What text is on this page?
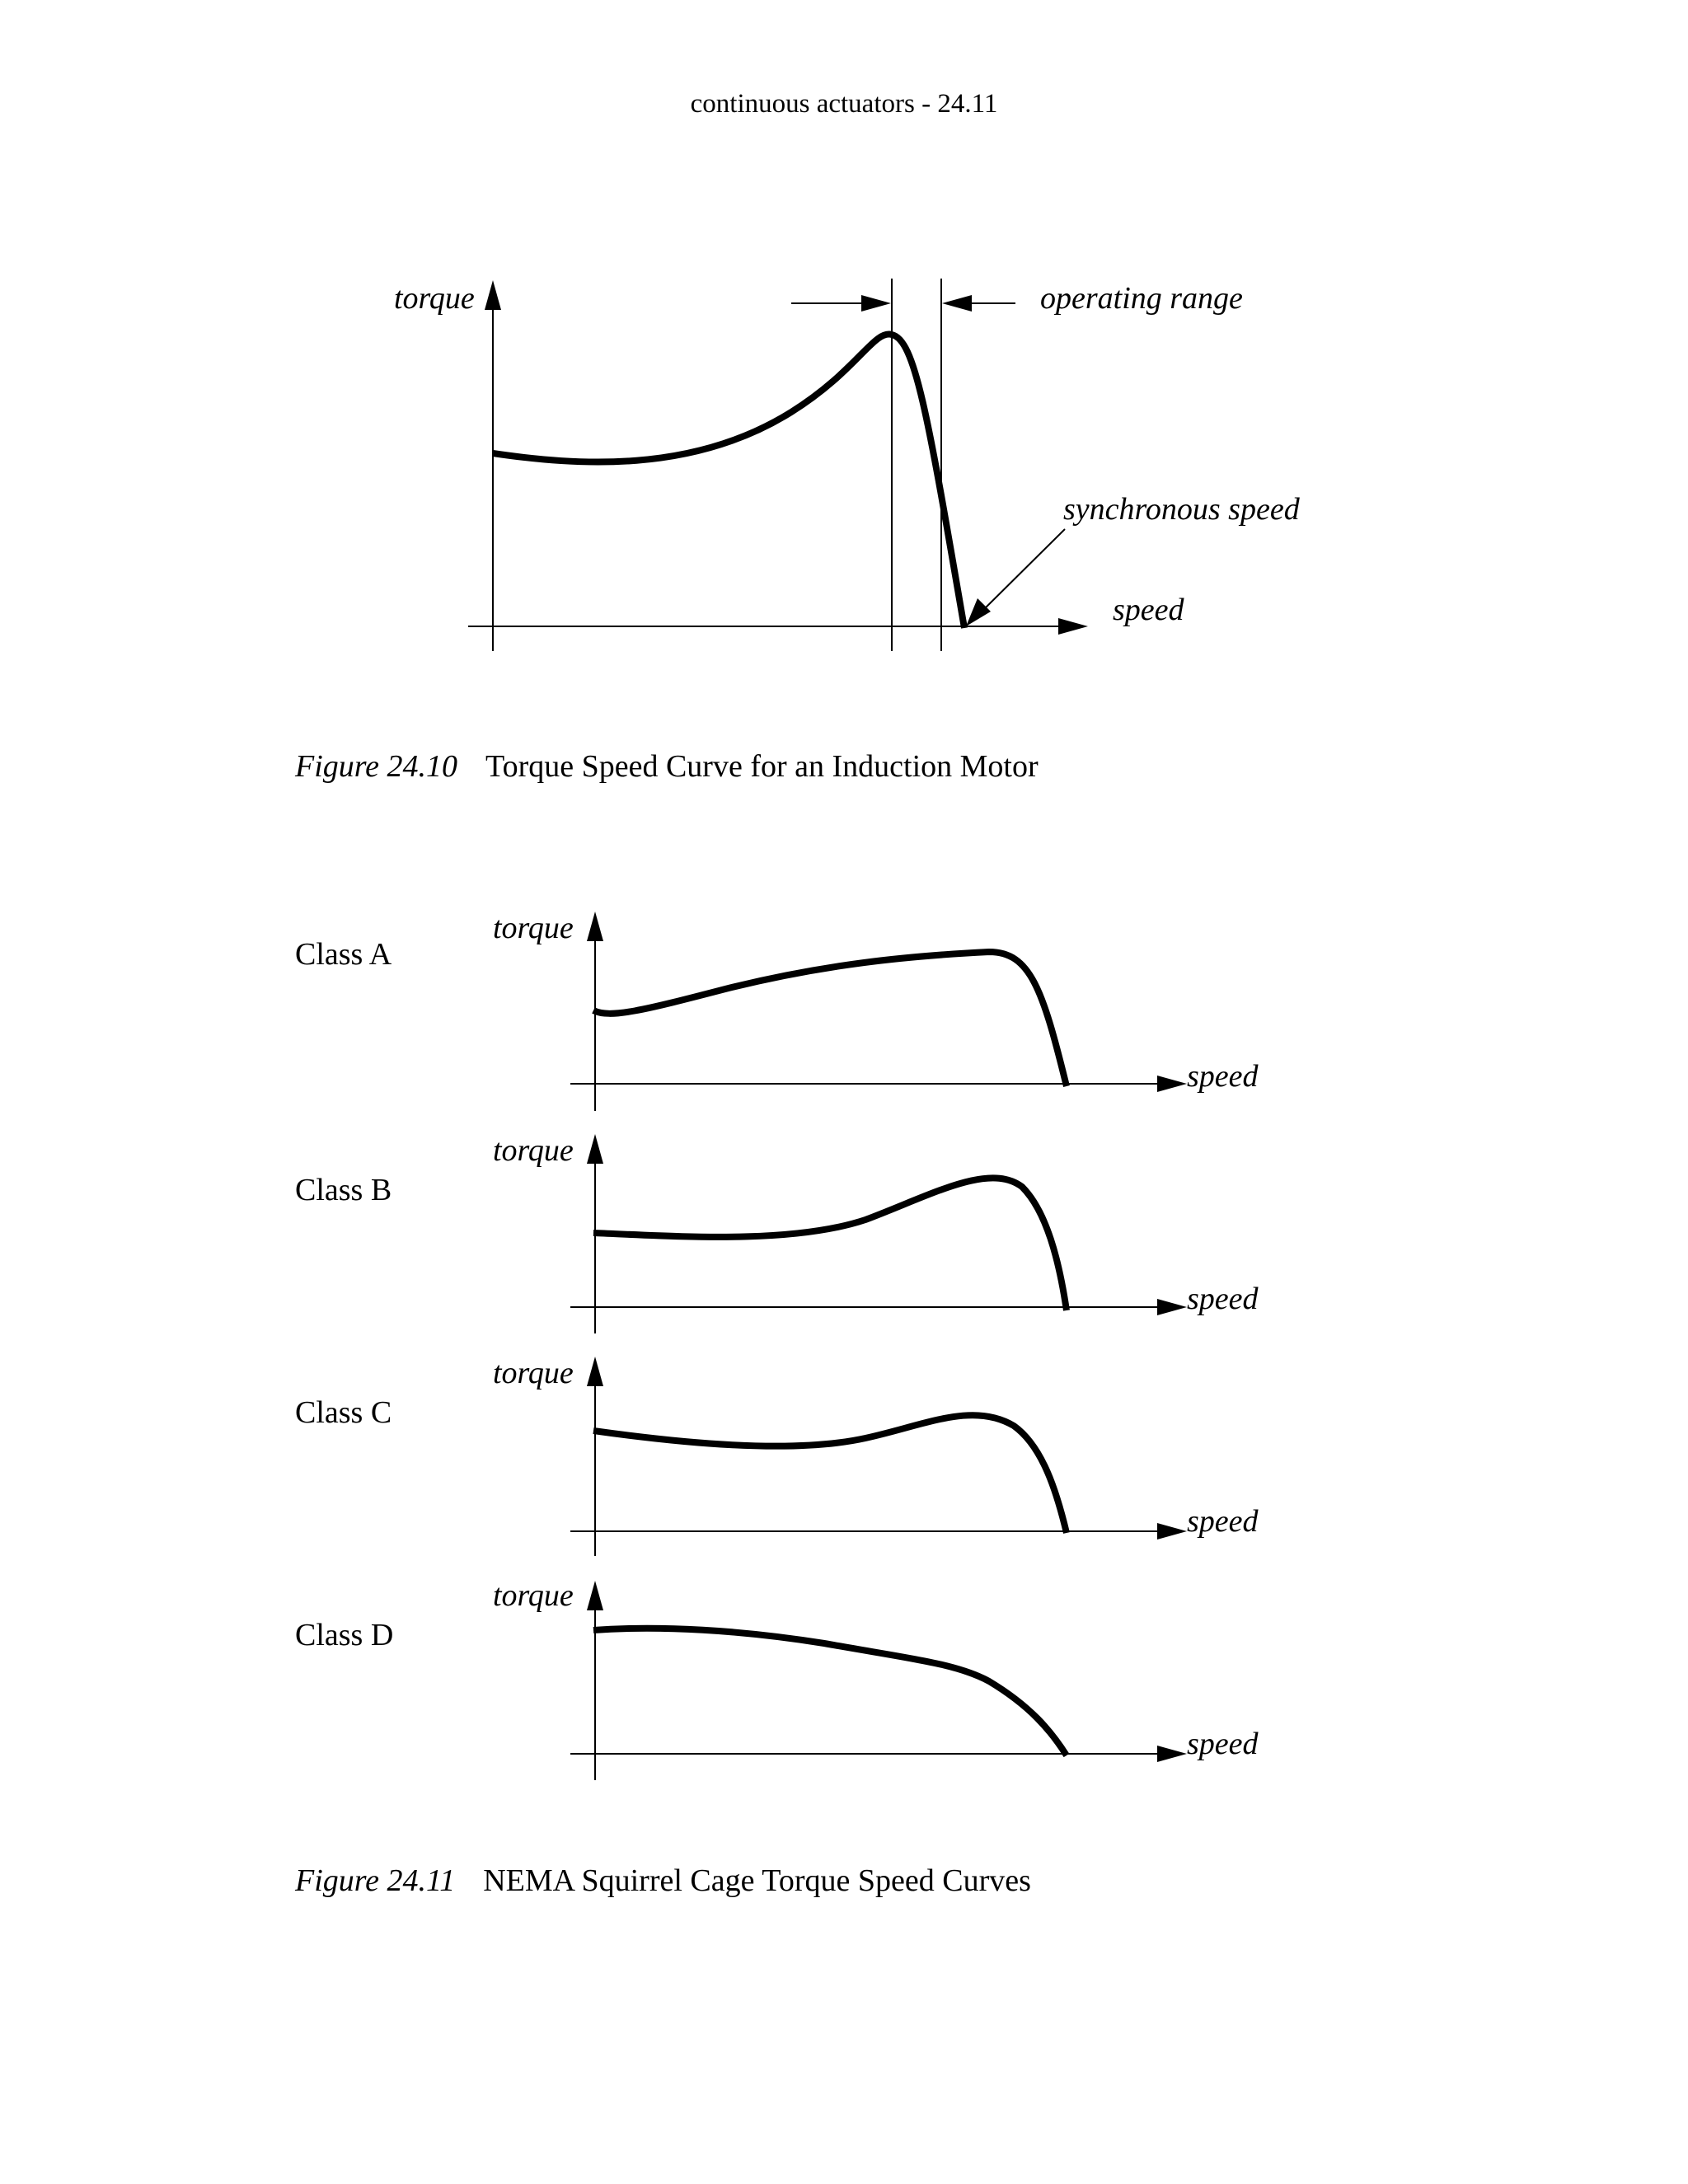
continuous actuators - 24.11
torque	operating range
synchronous speed
speed
Figure 24.10 Torque Speed Curve for an Induction Motor
Class A
torque
speed
Class B
torque
speed
Class C
torque
speed
Class D
torque
speed
Figure 24.11 NEMA Squirrel Cage Torque Speed Curves
